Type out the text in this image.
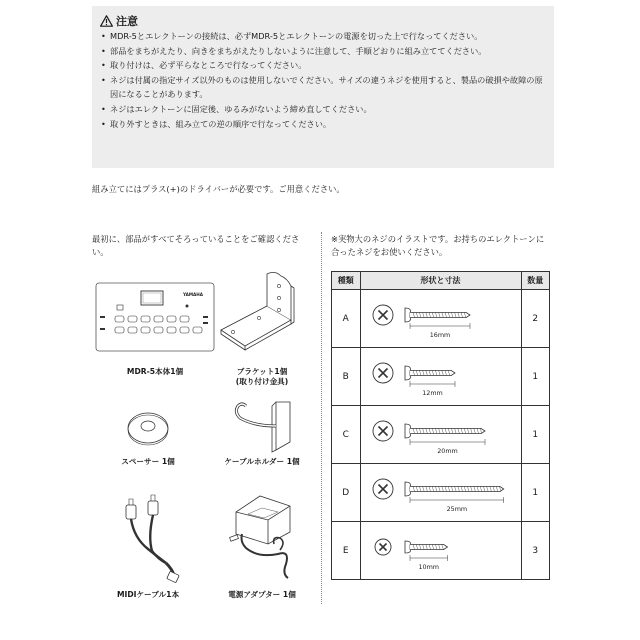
注意
• MDR-5とエレクトーンの接続は、必ずMDR-5とエレクトーンの電源を切った上で行なってください。
• 部品をまちがえたり、向きをまちがえたりしないように注意して、手順どおりに組み立ててください。
• 取り付けは、必ず平らなところで行なってください。
• ネジは付属の指定サイズ以外のものは使用しないでください。サイズの違うネジを使用すると、製品の破損や故障の原因になることがあります。
• ネジはエレクトーンに固定後、ゆるみがないよう締め直してください。
• 取り外すときは、組み立ての逆の順序で行なってください。
組み立てにはプラス(+)のドライバーが必要です。ご用意ください。
最初に、部品がすべてそろっていることをご確認ください。
YAMAHA
MDR-5本体1個	ブラケット1個
(取り付け金具)
スペーサー 1個	ケーブルホルダー 1個
MIDIケーブル1本	電源アダプター 1個
※実物大のネジのイラストです。お持ちのエレクトーンに合ったネジをお使いください。
種類	形状と寸法	数量
A	16mm	2
B	12mm	1
C	20mm	1
D	25mm	1
E	10mm	3
